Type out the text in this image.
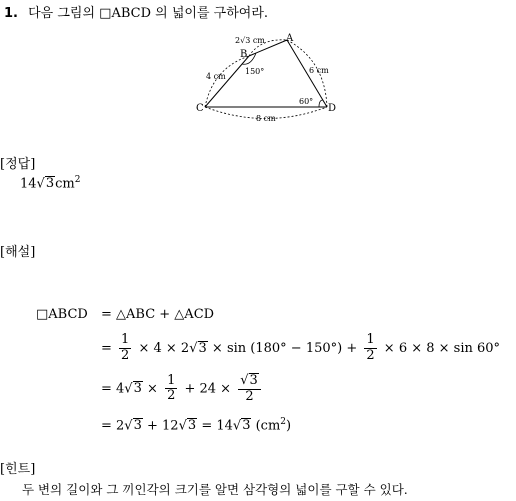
1. 다음 그림의 □ABCD 의 넓이를 구하여라.
C	D
A
B
2√3 cm
4 cm
6 cm
8 cm
150°
60°
[정답]
$14√3cm^2$
[해설]
□ABCD = △ABC + △ACD
= $\frac{1}{2} \times 4 \times 2√3 \times \sin (180^\circ - 150^\circ) + \frac{1}{2} \times 6 \times 8 \times \sin 60^\circ$
= $4√3 \times \frac{1}{2} + 24 \times \frac{√3}{2}$
= 2√3 + 12√3 = 14√3 $(cm^2)$
[힌트]
두 변의 길이와 그 끼인각의 크기를 알면 삼각형의 넓이를 구할 수 있다.
